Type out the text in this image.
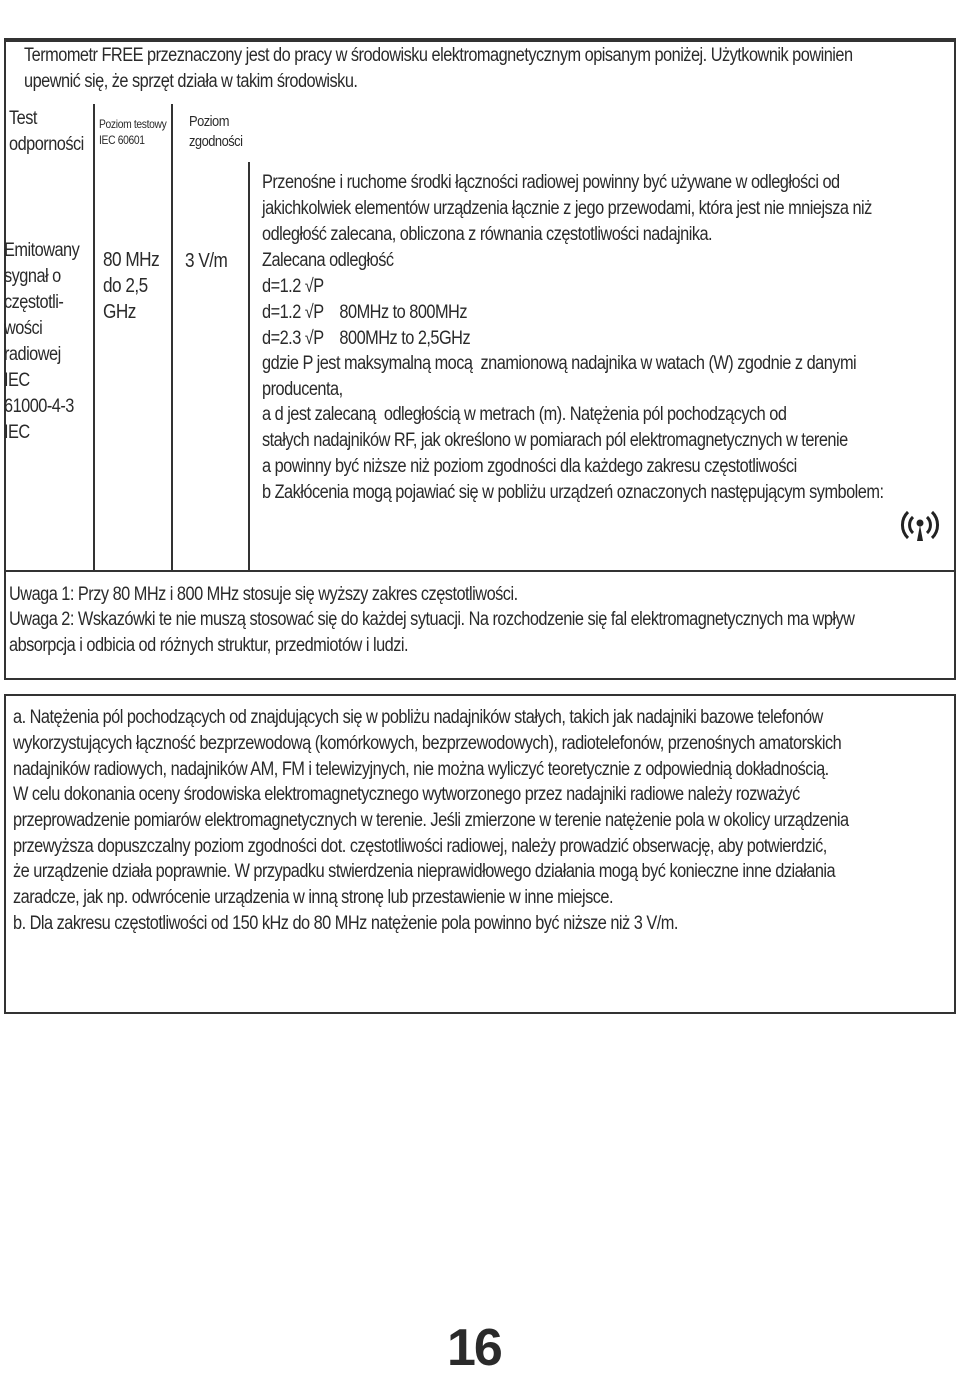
Termometr FREE przeznaczony jest do pracy w środowisku elektromagnetycznym opisanym poniżej. Użytkownik powinien
upewnić się, że sprzęt działa w takim środowisku.
Test
odporności
Poziom testowy
IEC 60601
Poziom
zgodności
Emitowany
sygnał o
częstotli-
wości
radiowej
IEC
61000-4-3
IEC
80 MHz
do 2,5
GHz
3 V/m
Przenośne i ruchome środki łączności radiowej powinny być używane w odległości od
jakichkolwiek elementów urządzenia łącznie z jego przewodami, która jest nie mniejsza niż
odległość zalecana, obliczona z równania częstotliwości nadajnika.
Zalecana odległość
d=1.2 √P
d=1.2 √P    80MHz to 800MHz
d=2.3 √P    800MHz to 2,5GHz
gdzie P jest maksymalną mocą  znamionową nadajnika w watach (W) zgodnie z danymi
producenta,
a d jest zalecaną  odległością w metrach (m). Natężenia pól pochodzących od
stałych nadajników RF, jak określono w pomiarach pól elektromagnetycznych w terenie
a powinny być niższe niż poziom zgodności dla każdego zakresu częstotliwości
b Zakłócenia mogą pojawiać się w pobliżu urządzeń oznaczonych następującym symbolem:
Uwaga 1: Przy 80 MHz i 800 MHz stosuje się wyższy zakres częstotliwości.
Uwaga 2: Wskazówki te nie muszą stosować się do każdej sytuacji. Na rozchodzenie się fal elektromagnetycznych ma wpływ
absorpcja i odbicia od różnych struktur, przedmiotów i ludzi.
a. Natężenia pól pochodzących od znajdujących się w pobliżu nadajników stałych, takich jak nadajniki bazowe telefonów
wykorzystujących łączność bezprzewodową (komórkowych, bezprzewodowych), radiotelefonów, przenośnych amatorskich
nadajników radiowych, nadajników AM, FM i telewizyjnych, nie można wyliczyć teoretycznie z odpowiednią dokładnością.
W celu dokonania oceny środowiska elektromagnetycznego wytworzonego przez nadajniki radiowe należy rozważyć
przeprowadzenie pomiarów elektromagnetycznych w terenie. Jeśli zmierzone w terenie natężenie pola w okolicy urządzenia
przewyższa dopuszczalny poziom zgodności dot. częstotliwości radiowej, należy prowadzić obserwację, aby potwierdzić,
że urządzenie działa poprawnie. W przypadku stwierdzenia nieprawidłowego działania mogą być konieczne inne działania
zaradcze, jak np. odwrócenie urządzenia w inną stronę lub przestawienie w inne miejsce.
b. Dla zakresu częstotliwości od 150 kHz do 80 MHz natężenie pola powinno być niższe niż 3 V/m.
16
